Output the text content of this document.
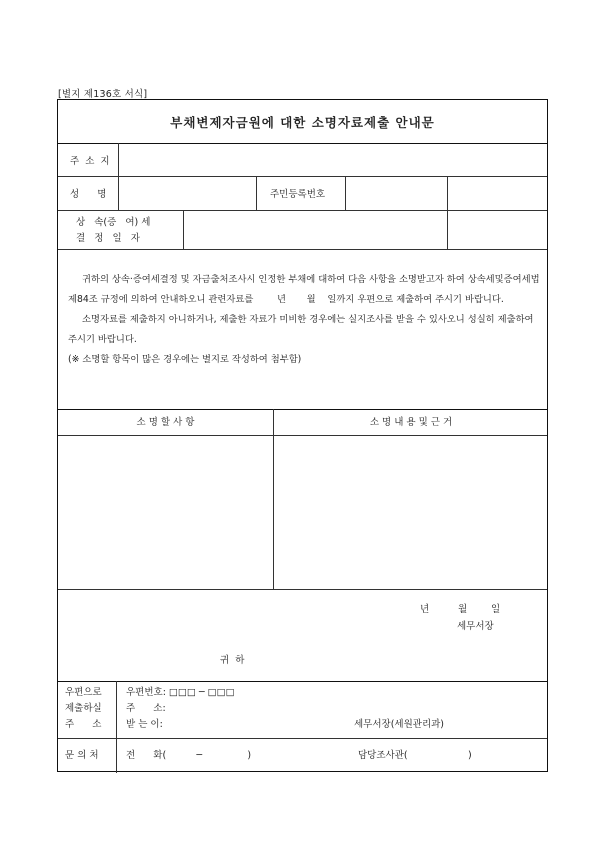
[별지 제136호 서식]
부채변제자금원에 대한 소명자료제출 안내문
주 소 지
성      명	주민등록번호
상   속(증   여) 세
결   정   일   자

귀하의 상속·증여세결정 및 자금출처조사시 인정한 부채에 대하여 다음 사항을 소명받고자 하여 상속세및증여세법 제84조 규정에 의하여 안내하오니 관련자료를        년       월    일까지 우편으로 제출하여 주시기 바랍니다.

소명자료를 제출하지 아니하거나, 제출한 자료가 미비한 경우에는 실지조사를 받을 수 있사오니 성실히 제출하여 주시기 바랍니다.

(※ 소명할 항목이 많은 경우에는 별지로 작성하여 첨부함)

소 명 할 사 항	소 명 내 용 및 근 거
년	월	일
세무서장
귀  하
우편으로
제출하실
주      소
우편번호: □□□ ─ □□□
주      소:
받 는 이:	세무서장(세원관리과)
문 의 처	전      화(          ─               )	담당조사관(                    )
